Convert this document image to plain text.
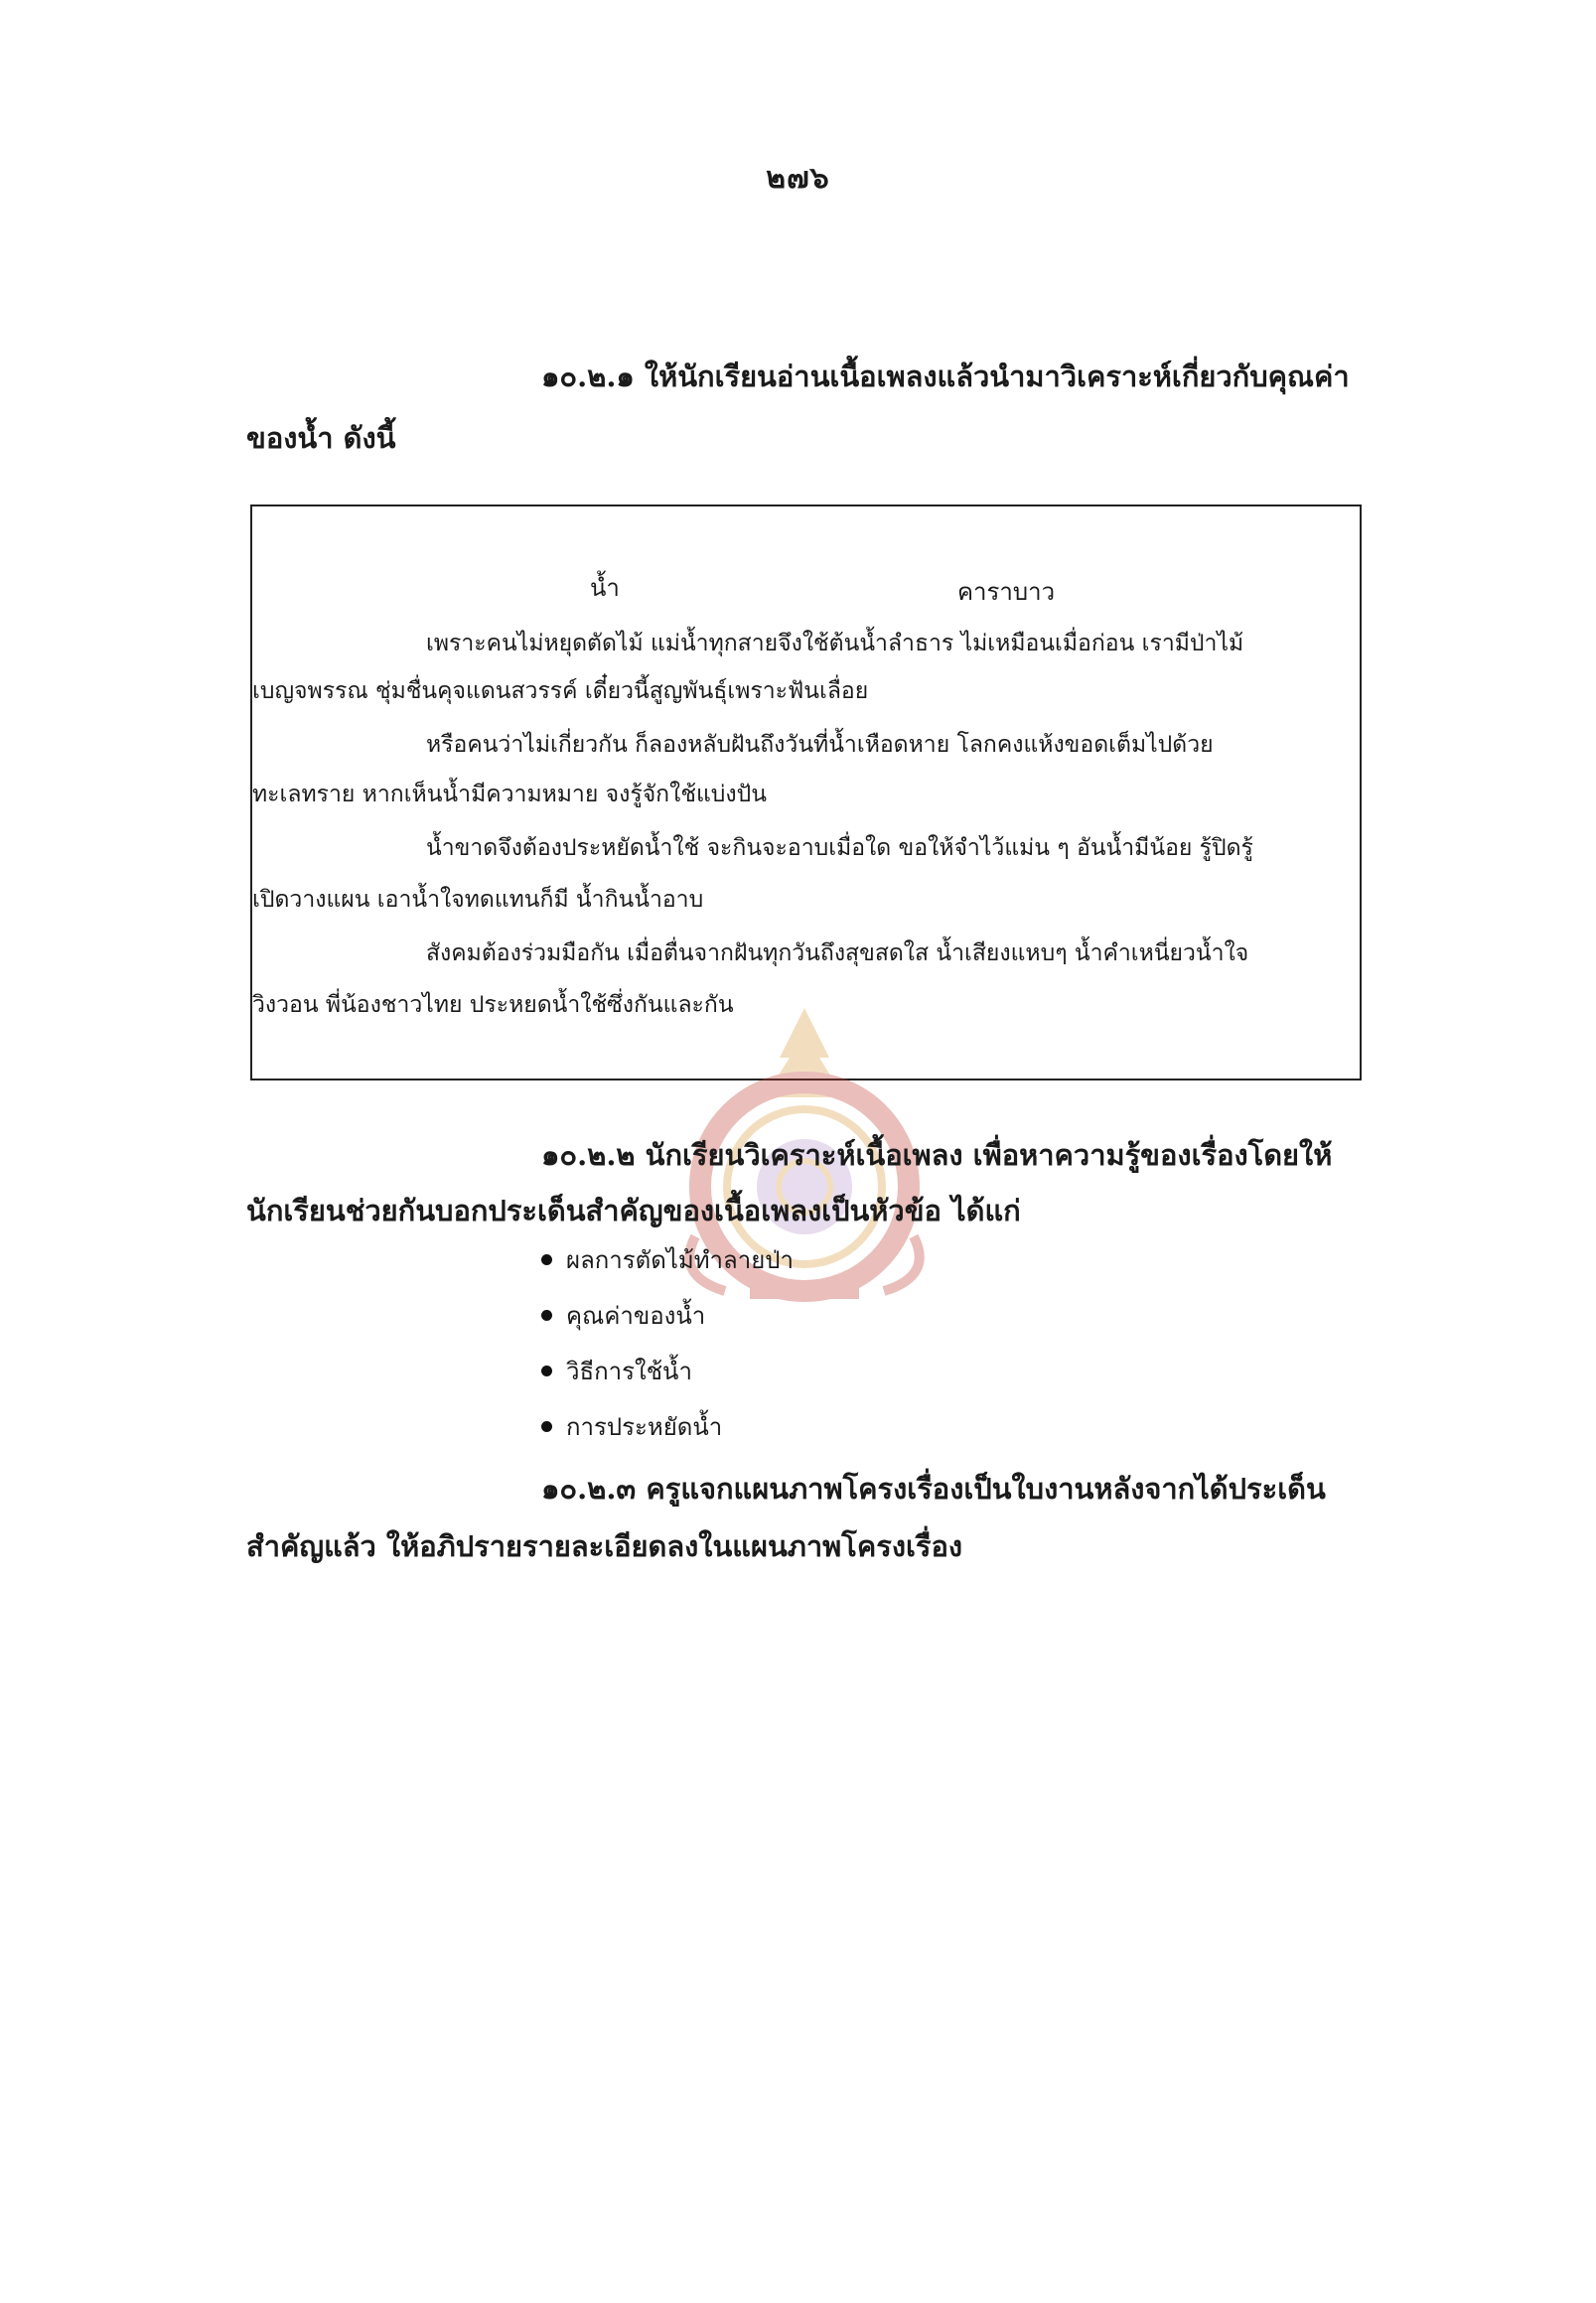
๒๗๖
๑๐.๒.๑ ให้นักเรียนอ่านเนื้อเพลงแล้วนำมาวิเคราะห์เกี่ยวกับคุณค่า
ของน้ำ ดังนี้
น้ำ	คาราบาว
เพราะคนไม่หยุดตัดไม้ แม่น้ำทุกสายจึงใช้ต้นน้ำลำธาร ไม่เหมือนเมื่อก่อน เรามีป่าไม้
เบญจพรรณ ชุ่มชื่นคุจแดนสวรรค์ เดี๋ยวนี้สูญพันธุ์เพราะฟันเลื่อย
หรือคนว่าไม่เกี่ยวกัน ก็ลองหลับฝันถึงวันที่น้ำเหือดหาย โลกคงแห้งขอดเต็มไปด้วย
ทะเลทราย หากเห็นน้ำมีความหมาย จงรู้จักใช้แบ่งปัน
น้ำขาดจึงต้องประหยัดน้ำใช้ จะกินจะอาบเมื่อใด ขอให้จำไว้แม่น ๆ อันน้ำมีน้อย รู้ปิดรู้
เปิดวางแผน เอาน้ำใจทดแทนก็มี น้ำกินน้ำอาบ
สังคมต้องร่วมมือกัน เมื่อตื่นจากฝันทุกวันถึงสุขสดใส น้ำเสียงแหบๆ น้ำคำเหนี่ยวน้ำใจ
วิงวอน พี่น้องชาวไทย ประหยดน้ำใช้ซึ่งกันและกัน
๑๐.๒.๒ นักเรียนวิเคราะห์เนื้อเพลง เพื่อหาความรู้ของเรื่องโดยให้
นักเรียนช่วยกันบอกประเด็นสำคัญของเนื้อเพลงเป็นหัวข้อ ได้แก่
ผลการตัดไม้ทำลายป่า
คุณค่าของน้ำ
วิธีการใช้น้ำ
การประหยัดน้ำ
๑๐.๒.๓ ครูแจกแผนภาพโครงเรื่องเป็นใบงานหลังจากได้ประเด็น
สำคัญแล้ว ให้อภิปรายรายละเอียดลงในแผนภาพโครงเรื่อง
